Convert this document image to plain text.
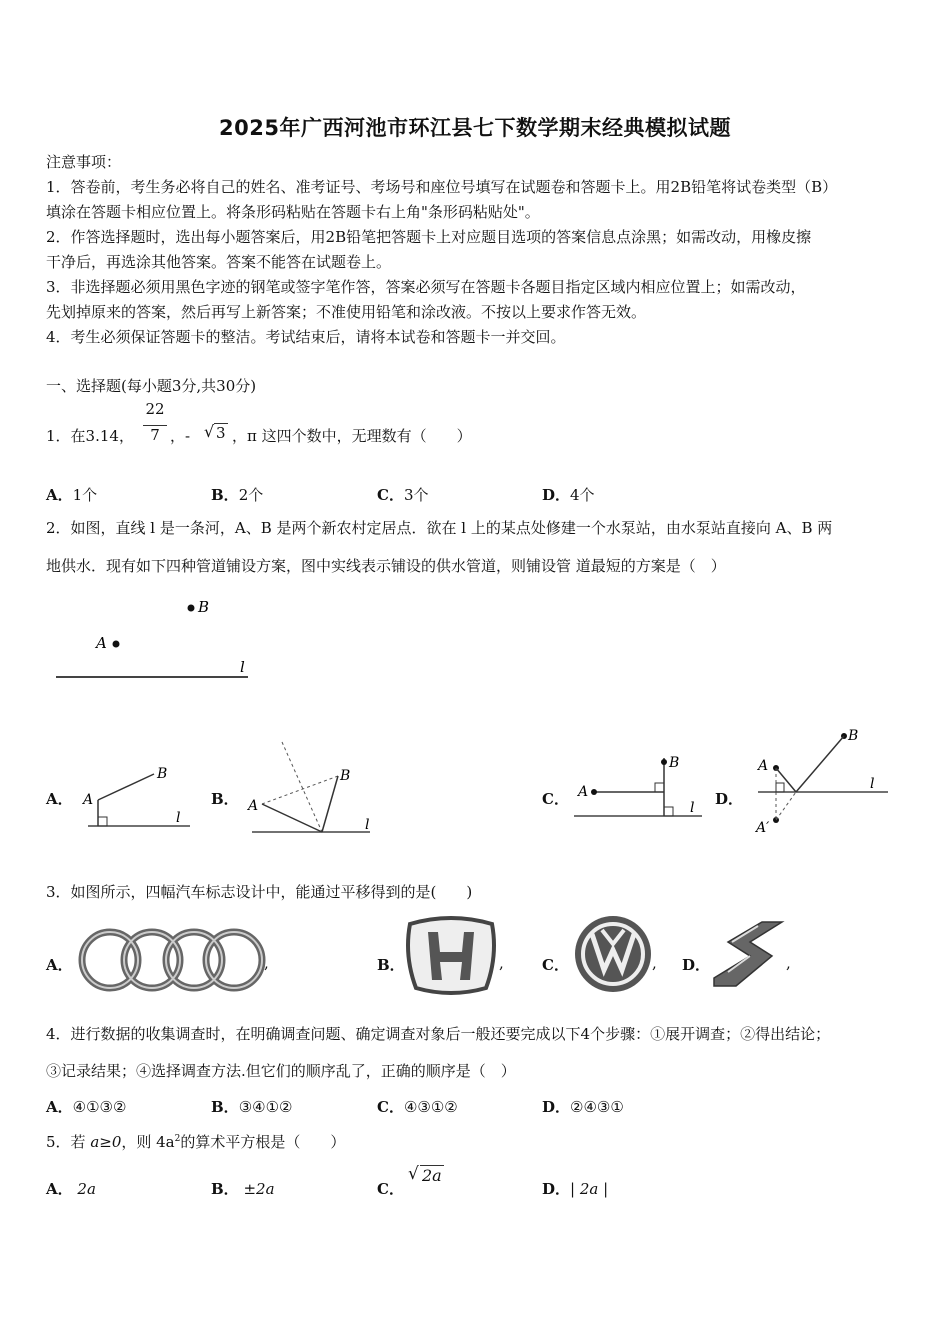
2025年广西河池市环江县七下数学期末经典模拟试题
注意事项：
1．答卷前，考生务必将自己的姓名、准考证号、考场号和座位号填写在试题卷和答题卡上。用2B铅笔将试卷类型（B）
填涂在答题卡相应位置上。将条形码粘贴在答题卡右上角"条形码粘贴处"。
2．作答选择题时，选出每小题答案后，用2B铅笔把答题卡上对应题目选项的答案信息点涂黑；如需改动，用橡皮擦
干净后，再选涂其他答案。答案不能答在试题卷上。
3．非选择题必须用黑色字迹的钢笔或签字笔作答，答案必须写在答题卡各题目指定区域内相应位置上；如需改动，
先划掉原来的答案，然后再写上新答案；不准使用铅笔和涂改液。不按以上要求作答无效。
4．考生必须保证答题卡的整洁。考试结束后，请将本试卷和答题卡一并交回。
一、选择题(每小题3分,共30分)
1．在3.14，
22
7 ，- √ 3 ，π 这四个数中，无理数有（　　）
A．1个	B．2个	C．3个	D．4个
2．如图，直线 l 是一条河，A、B 是两个新农村定居点．欲在 l 上的某点处修建一个水泵站，由水泵站直接向 A、B 两
地供水．现有如下四种管道铺设方案，图中实线表示铺设的供水管道，则铺设管 道最短的方案是（　）
B
A
l
A． A
B
l
B． A
B
l
C． A
B
l D．
A
A′
B
l
3．如图所示，四幅汽车标志设计中，能通过平移得到的是(　　)
A．	,	B．	,	C．	, D．	,
4．进行数据的收集调查时，在明确调查问题、确定调查对象后一般还要完成以下4个步骤：①展开调查；②得出结论；
③记录结果；④选择调查方法.但它们的顺序乱了，正确的顺序是（　）
A．④①③②	B．③④①②	C．④③①②	D．②④③①
5．若 a≥0，则 $4a^2$的算术平方根是（　　）
A． 2a	B． ±2a	C．
√ 2a
D．| 2a |
